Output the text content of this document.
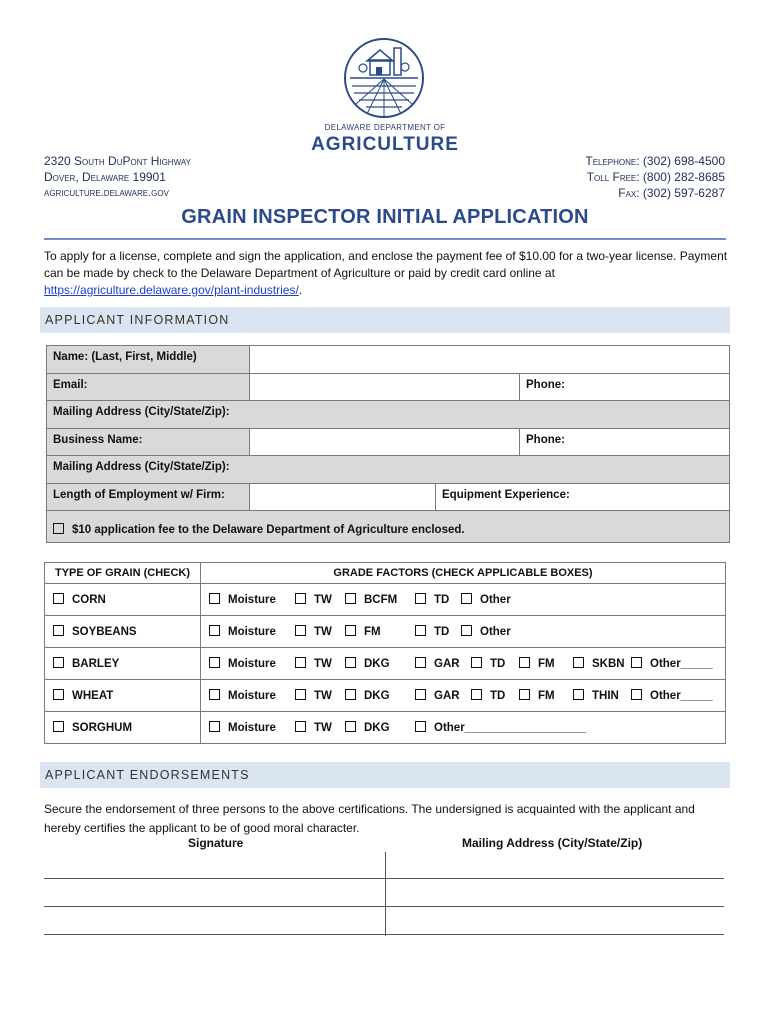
DELAWARE DEPARTMENT OF
AGRICULTURE
2320 South DuPont Highway
Dover, Delaware 19901
agriculture.delaware.gov
Telephone: (302) 698-4500
Toll Free: (800) 282-8685
Fax: (302) 597-6287
GRAIN INSPECTOR INITIAL APPLICATION
To apply for a license, complete and sign the application, and enclose the payment fee of $10.00 for a two-year license. Payment can be made by check to the Delaware Department of Agriculture or paid by credit card online at https://agriculture.delaware.gov/plant-industries/.
APPLICANT INFORMATION
Name: (Last, First, Middle)			
Email:			Phone:
Mailing Address (City/State/Zip):			
Business Name:			Phone:
Mailing Address (City/State/Zip):			
Length of Employment w/ Firm:		Equipment Experience:	
$10 application fee to the Delaware Department of Agriculture enclosed.			
TYPE OF GRAIN (CHECK)	GRADE FACTORS (CHECK APPLICABLE BOXES)
CORN	Moisture TW BCFM TD Other
SOYBEANS	Moisture TW FM TD Other
BARLEY	Moisture TW DKG GAR TD FM SKBN Other_____
WHEAT	Moisture TW DKG GAR TD FM THIN Other_____
SORGHUM	Moisture TW DKG Other___________________
APPLICANT ENDORSEMENTS
Secure the endorsement of three persons to the above certifications. The undersigned is acquainted with the applicant and hereby certifies the applicant to be of good moral character.
Signature	Mailing Address (City/State/Zip)
